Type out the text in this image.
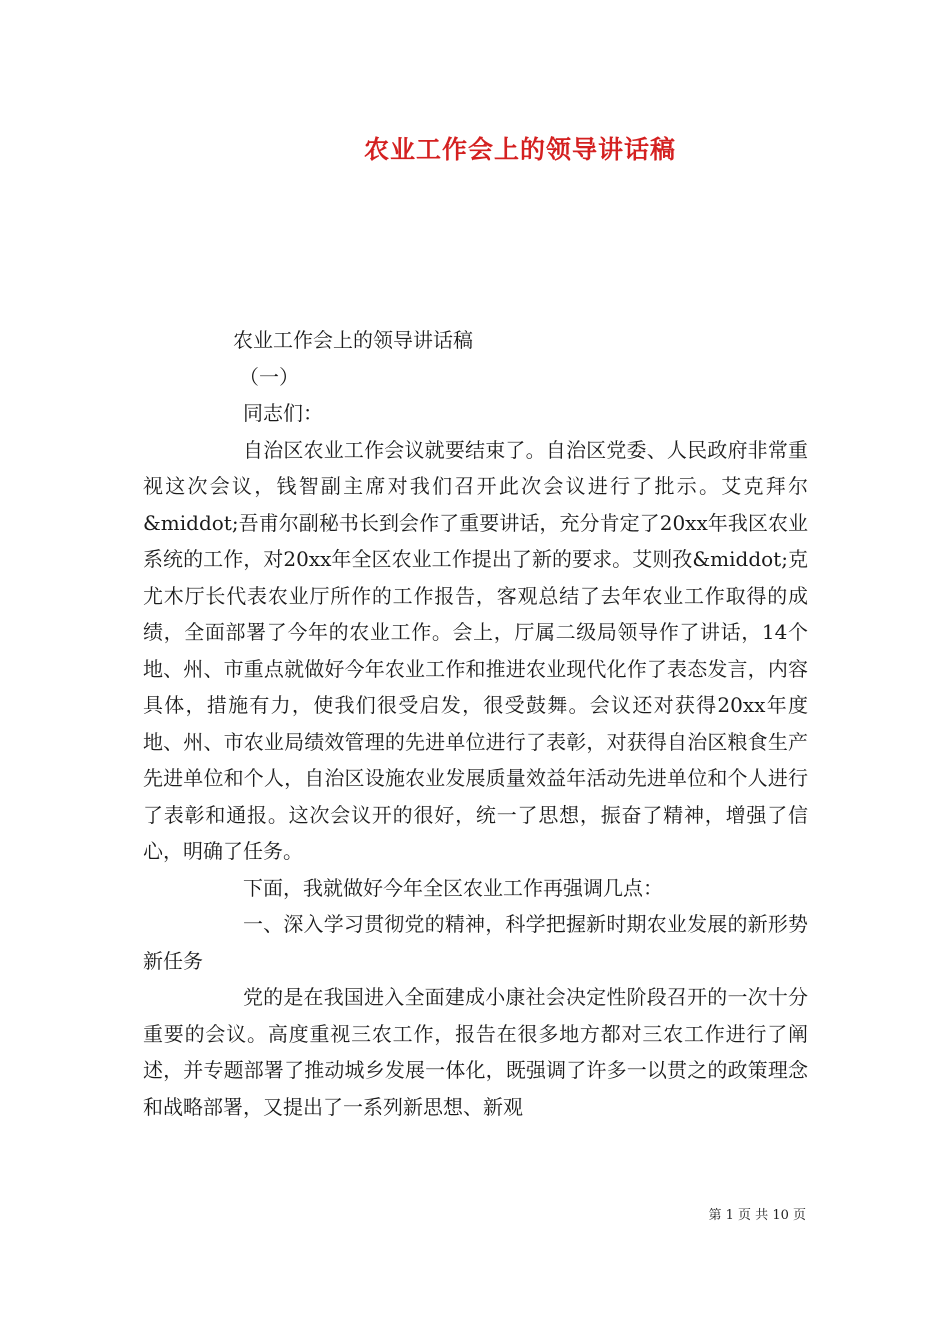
农业工作会上的领导讲话稿

农业工作会上的领导讲话稿

（一）

同志们：

自治区农业工作会议就要结束了。自治区党委、人民政府非常重视这次会议，钱智副主席对我们召开此次会议进行了批示。艾克拜尔&middot;吾甫尔副秘书长到会作了重要讲话，充分肯定了20xx年我区农业系统的工作，对20xx年全区农业工作提出了新的要求。艾则孜&middot;克尤木厅长代表农业厅所作的工作报告，客观总结了去年农业工作取得的成绩，全面部署了今年的农业工作。会上，厅属二级局领导作了讲话，14个地、州、市重点就做好今年农业工作和推进农业现代化作了表态发言，内容具体，措施有力，使我们很受启发，很受鼓舞。会议还对获得20xx年度地、州、市农业局绩效管理的先进单位进行了表彰，对获得自治区粮食生产先进单位和个人，自治区设施农业发展质量效益年活动先进单位和个人进行了表彰和通报。这次会议开的很好，统一了思想，振奋了精神，增强了信心，明确了任务。

下面，我就做好今年全区农业工作再强调几点：

一、深入学习贯彻党的精神，科学把握新时期农业发展的新形势新任务

党的是在我国进入全面建成小康社会决定性阶段召开的一次十分重要的会议。高度重视三农工作，报告在很多地方都对三农工作进行了阐述，并专题部署了推动城乡发展一体化，既强调了许多一以贯之的政策理念和战略部署，又提出了一系列新思想、新观

第 1 页 共 10 页
